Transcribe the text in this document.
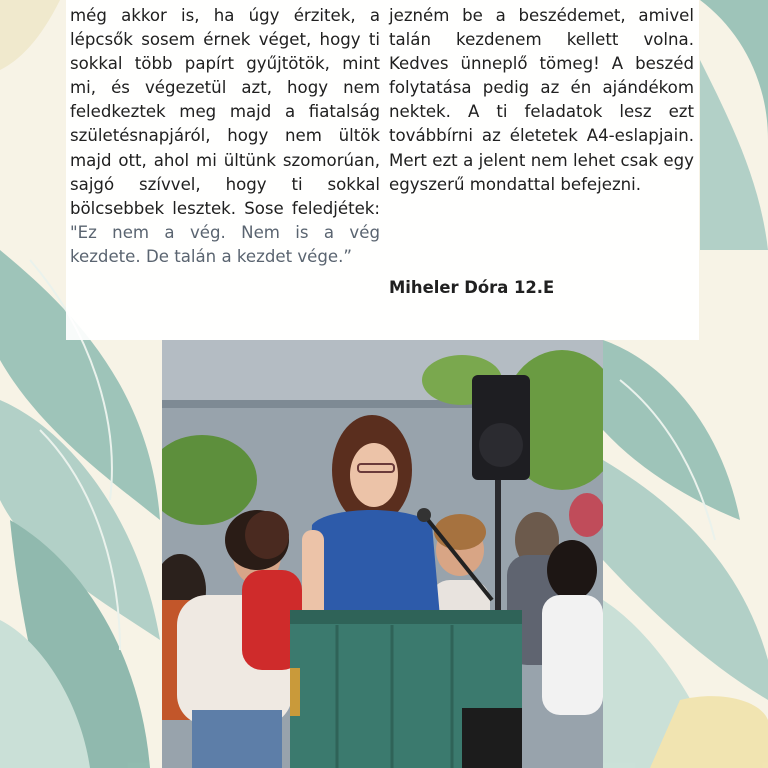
még akkor is, ha úgy érzitek, a lépcsők sosem érnek véget, hogy ti sokkal több papírt gyűjtötök, mint mi, és végezetül azt, hogy nem feledkeztek meg majd a fiatalság születésnapjáról, hogy nem ültök majd ott, ahol mi ültünk szomorúan, sajgó szívvel, hogy ti sokkal bölcsebbek lesztek. Sose feledjétek: "Ez nem a vég. Nem is a vég kezdete. De talán a kezdet vége.”

jezném be a beszédemet, amivel talán kezdenem kellett volna. Kedves ünneplő tömeg! A beszéd folytatása pedig az én ajándékom nektek. A ti feladatok lesz ezt továbbírni az életetek A4-eslapjain. Mert ezt a jelent nem lehet csak egy egyszerű mondattal befejezni.

Miheler Dóra 12.E
